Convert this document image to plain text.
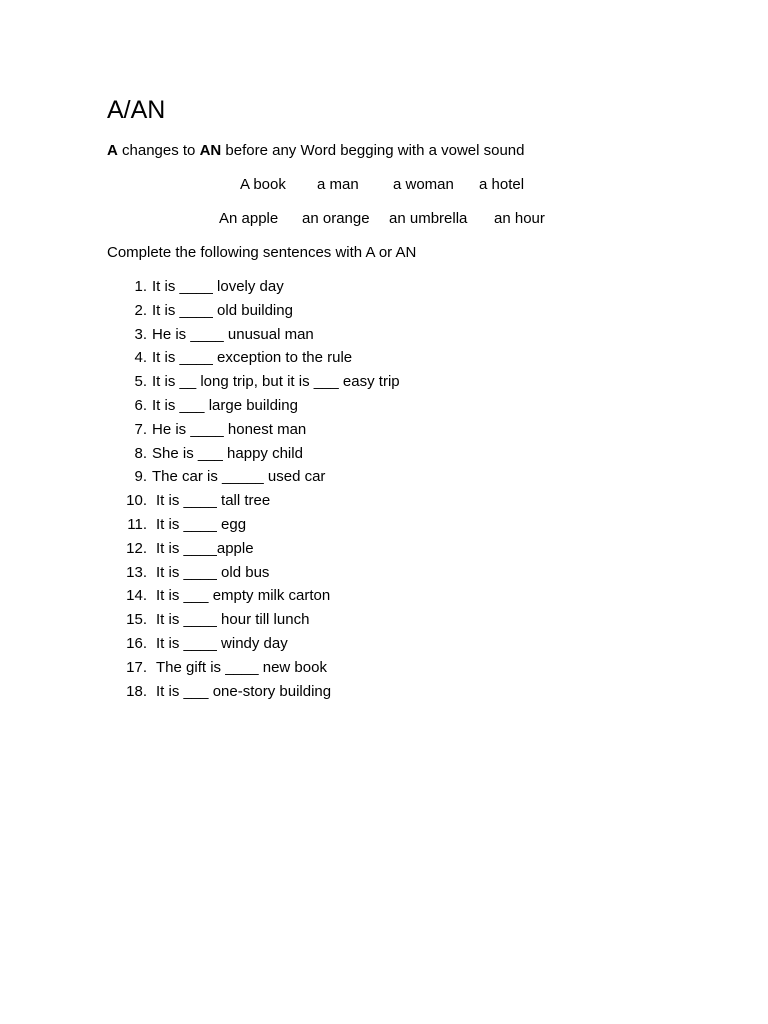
A/AN
A changes to AN before any Word begging with a vowel sound
A book a man a woman a hotel
An apple an orange an umbrella an hour
Complete the following sentences with A or AN
1. It is ____ lovely day
2. It is ____ old building
3. He is ____ unusual man
4. It is ____ exception to the rule
5. It is __ long trip, but it is ___ easy trip
6. It is ___ large building
7. He is ____ honest man
8. She is ___ happy child
9. The car is _____ used car
10. It is ____ tall tree
11. It is ____ egg
12. It is ____apple
13. It is ____ old bus
14. It is ___ empty milk carton
15. It is ____ hour till lunch
16. It is ____ windy day
17. The gift is ____ new book
18. It is ___ one-story building
